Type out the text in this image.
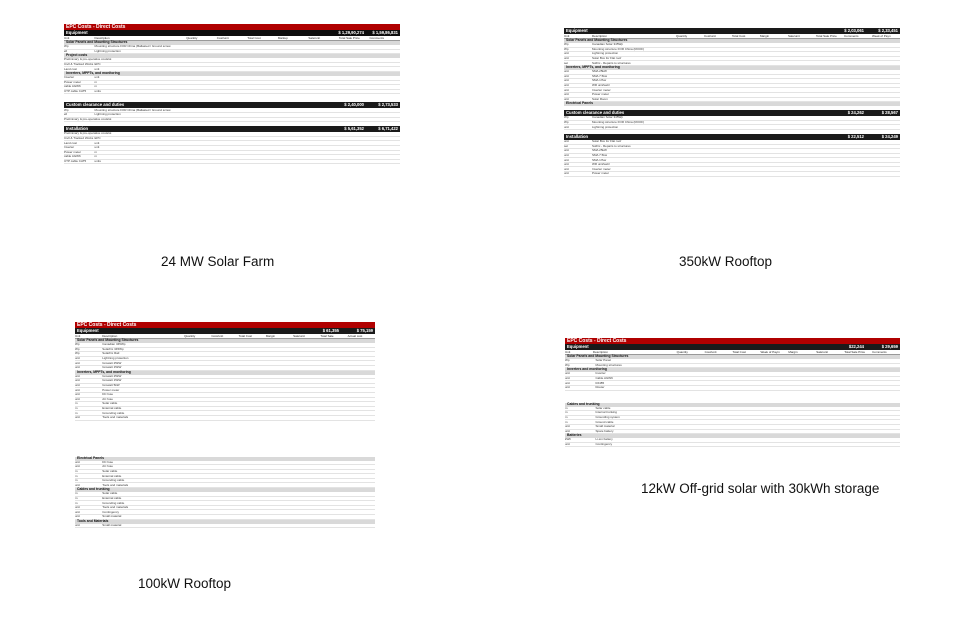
EPC Costs - Direct Costs
Equipment	$ 1,29,90,274	$ 1,59,86,831
Unit	Description	Quantity	Cost/unit	Total Cost	Markup	Sale/unit	Total Sale Price	Comments
Solar Panels and Mounting Structures
Wp	Mounting structure FOR China (Ballasted / Ground screw
ell	Lightning protection
Project costs
Preliminary & pre-operative costs lot
Civil & Tracked Works EPC
Land cost	unit
Inverters, MPPTs, and monitoring
Inverter	unit
Power meter	m
cable AGW6	m
UTP cable CAT5	units
Custom clearance and duties	$ 2,40,000	$ 2,73,533
Wp	Mounting structure FOR China (Ballasted / Ground screw
ell	Lightning protection
Preliminary & pre-operative costs lot
Installation	$ 5,61,352	$ 6,71,422
Preliminary & pre-operative costs lot
Civil & Tracked Works EPC
Land cost	unit
Inverter	unit
Power meter	m
cable AGW6	m
UTP cable CAT5	units
24 MW Solar Farm
Equipment	$ 2,03,061	$ 2,33,451
Unit	Description	Quantity	Cost/unit	Total Cost	Margin	Sale/unit	Total Sale Price	Comments	Week of Payn
Solar Panels and Mounting Structures
Wp	Canadian Solar 345Wp
Wp	Mounting structure FOR China (ROOF)
unit	Lightning protection
unit	Solar Box for Flat roof
set	SolFix - Repairs to structures
Inverters, MPPTs, and monitoring
unit	SMA 25kW
unit	SMA 7.5kw
unit	SMA 17kw
unit	WR unit/web/
unit	Inverter meter
unit	Power meter
unit	Solar Room
Electrical Panels
Custom clearance and duties	$ 24,262	$ 28,567
Wp	Canadian Solar 345Wp
Wp	Mounting structure FOR China (ROOF)
unit	Lightning protection
Installation	$ 22,512	$ 24,249
unit	Solar Box for Flat roof
set	SolFix - Repairs to structures
unit	SMA 25kW
unit	SMA 7.5kw
unit	SMA 17kw
unit	WR unit/web/
unit	Inverter meter
unit	Power meter
350kW Rooftop
EPC Costs - Direct Costs
Equipment	$ 61,355	$ 75,159
Unit	Description	Quantity	Cost/unit	Total Cost	Margin	Sale/unit	Total Sale	Actual cost
Solar Panels and Mounting Structures
Wp	Canadian 345Wp
Wp	SolarFix 345Wp
Wp	SolarFix Rail
unit	Lightning protection
unit	Growatt 25kW
unit	Growatt 15kW
Inverters, MPPTs, and monitoring
unit	Growatt 25kW
unit	Growatt 15kW
unit	Growatt 5kW
unit	Power meter
unit	DC fuse
unit	AC fuse
m	Solar cable
m	External cable
m	Grounding cable
unit	Tools and materials
Electrical Panels
unit	DC fuse
unit	AC fuse
m	Solar cable
m	External cable
m	Grounding cable
unit	Tools and materials
Cables and trunking
m	Solar cable
m	External cable
m	Grounding cable
unit	Tools and materials
unit	Contingency
unit	Small material
Tools and Materials
unit	Small material
100kW Rooftop
EPC Costs - Direct Costs
Equipment	$22,244	$ 29,659
Unit	Description	Quantity	Cost/unit	Total Cost	Week of Paym	Margin	Sale/unit	Total Sale Price	Comments
Solar Panels and Mounting Structures
Wp	Solar Panel
Wp	Mounting structures
Inverters and monitoring
unit	Inverter
unit	Cable AGW6
unit	RJ485
unit	Router
Cables and trunking
m	Solar cable
m	Internal trunking
m	Grounding system
m	Ground cable
unit	Small material
unit	Spare battery
Batteries
kWh	Li-ion battery
unit	Contingency
12kW Off-grid solar with 30kWh storage
